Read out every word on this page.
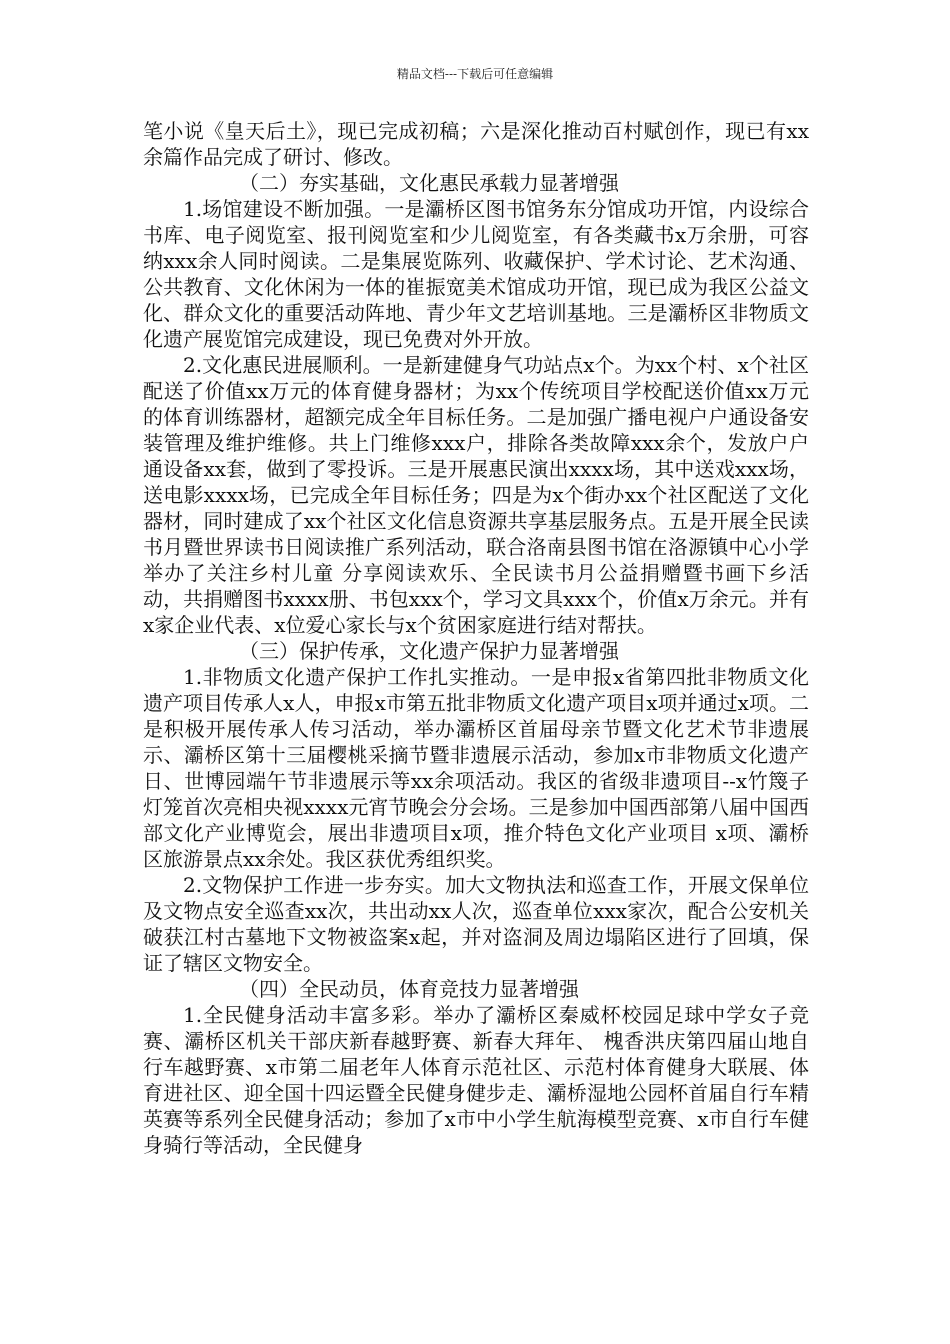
精品文档---下载后可任意编辑

笔小说《皇天后土》，现已完成初稿；六是深化推动百村赋创作，现已有xx余篇作品完成了研讨、修改。

（二）夯实基础，文化惠民承载力显著增强

1.场馆建设不断加强。一是灞桥区图书馆务东分馆成功开馆，内设综合书库、电子阅览室、报刊阅览室和少儿阅览室，有各类藏书x万余册，可容纳xxx余人同时阅读。二是集展览陈列、收藏保护、学术讨论、艺术沟通、公共教育、文化休闲为一体的崔振宽美术馆成功开馆，现已成为我区公益文化、群众文化的重要活动阵地、青少年文艺培训基地。三是灞桥区非物质文化遗产展览馆完成建设，现已免费对外开放。

2.文化惠民进展顺利。一是新建健身气功站点x个。为xx个村、x个社区配送了价值xx万元的体育健身器材；为xx个传统项目学校配送价值xx万元的体育训练器材，超额完成全年目标任务。二是加强广播电视户户通设备安装管理及维护维修。共上门维修xxx户，排除各类故障xxx余个，发放户户通设备xx套，做到了零投诉。三是开展惠民演出xxxx场，其中送戏xxx场，送电影xxxx场，已完成全年目标任务；四是为x个街办xx个社区配送了文化器材，同时建成了xx个社区文化信息资源共享基层服务点。五是开展全民读书月暨世界读书日阅读推广系列活动，联合洛南县图书馆在洛源镇中心小学举办了关注乡村儿童 分享阅读欢乐、全民读书月公益捐赠暨书画下乡活动，共捐赠图书xxxx册、书包xxx个，学习文具xxx个，价值x万余元。并有x家企业代表、x位爱心家长与x个贫困家庭进行结对帮扶。

（三）保护传承，文化遗产保护力显著增强

1.非物质文化遗产保护工作扎实推动。一是申报x省第四批非物质文化遗产项目传承人x人，申报x市第五批非物质文化遗产项目x项并通过x项。二是积极开展传承人传习活动，举办灞桥区首届母亲节暨文化艺术节非遗展示、灞桥区第十三届樱桃采摘节暨非遗展示活动，参加x市非物质文化遗产日、世博园端午节非遗展示等xx余项活动。我区的省级非遗项目--x竹篾子灯笼首次亮相央视xxxx元宵节晚会分会场。三是参加中国西部第八届中国西部文化产业博览会，展出非遗项目x项，推介特色文化产业项目 x项、灞桥区旅游景点xx余处。我区获优秀组织奖。

2.文物保护工作进一步夯实。加大文物执法和巡查工作，开展文保单位及文物点安全巡查xx次，共出动xx人次，巡查单位xxx家次，配合公安机关破获江村古墓地下文物被盗案x起，并对盗洞及周边塌陷区进行了回填，保证了辖区文物安全。

（四）全民动员，体育竞技力显著增强

1.全民健身活动丰富多彩。举办了灞桥区秦威杯校园足球中学女子竞赛、灞桥区机关干部庆新春越野赛、新春大拜年、 槐香洪庆第四届山地自行车越野赛、x市第二届老年人体育示范社区、示范村体育健身大联展、体育进社区、迎全国十四运暨全民健身健步走、灞桥湿地公园杯首届自行车精英赛等系列全民健身活动；参加了x市中小学生航海模型竞赛、x市自行车健身骑行等活动，全民健身
